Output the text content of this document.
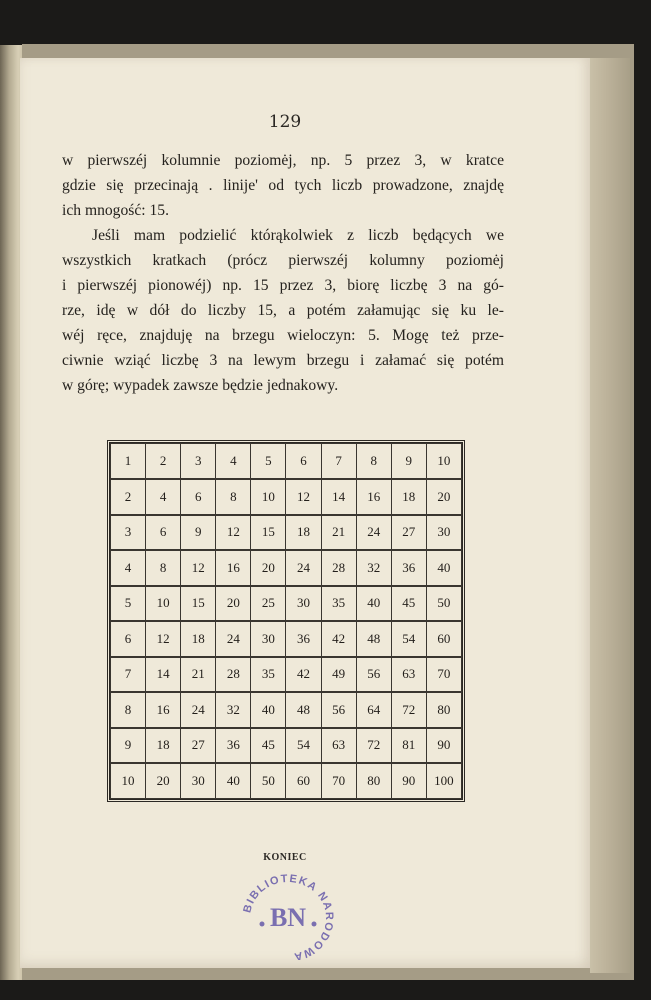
129
w pierwszéj kolumnie poziomėj, np. 5 przez 3, w kratce
gdzie się przecinają . linije' od tych liczb prowadzone, znajdę
ich mnogość: 15.
Jeśli mam podzielić którąkolwiek z liczb będących we
wszystkich kratkach (prócz pierwszéj kolumny poziomėj
i pierwszéj pionowéj) np. 15 przez 3, biorę liczbę 3 na gó-
rze, idę w dół do liczby 15, a potém załamując się ku le-
wéj ręce, znajduję na brzegu wieloczyn: 5. Mogę też prze-
ciwnie wziąć liczbę 3 na lewym brzegu i załamać się potém
w górę; wypadek zawsze będzie jednakowy.
1	2	3	4	5	6	7	8	9	10
2	4	6	8	10	12	14	16	18	20
3	6	9	12	15	18	21	24	27	30
4	8	12	16	20	24	28	32	36	40
5	10	15	20	25	30	35	40	45	50
6	12	18	24	30	36	42	48	54	60
7	14	21	28	35	42	49	56	63	70
8	16	24	32	40	48	56	64	72	80
9	18	27	36	45	54	63	72	81	90
10	20	30	40	50	60	70	80	90	100
KONIEC
BIBLIOTEKA NARODOWA
BN
